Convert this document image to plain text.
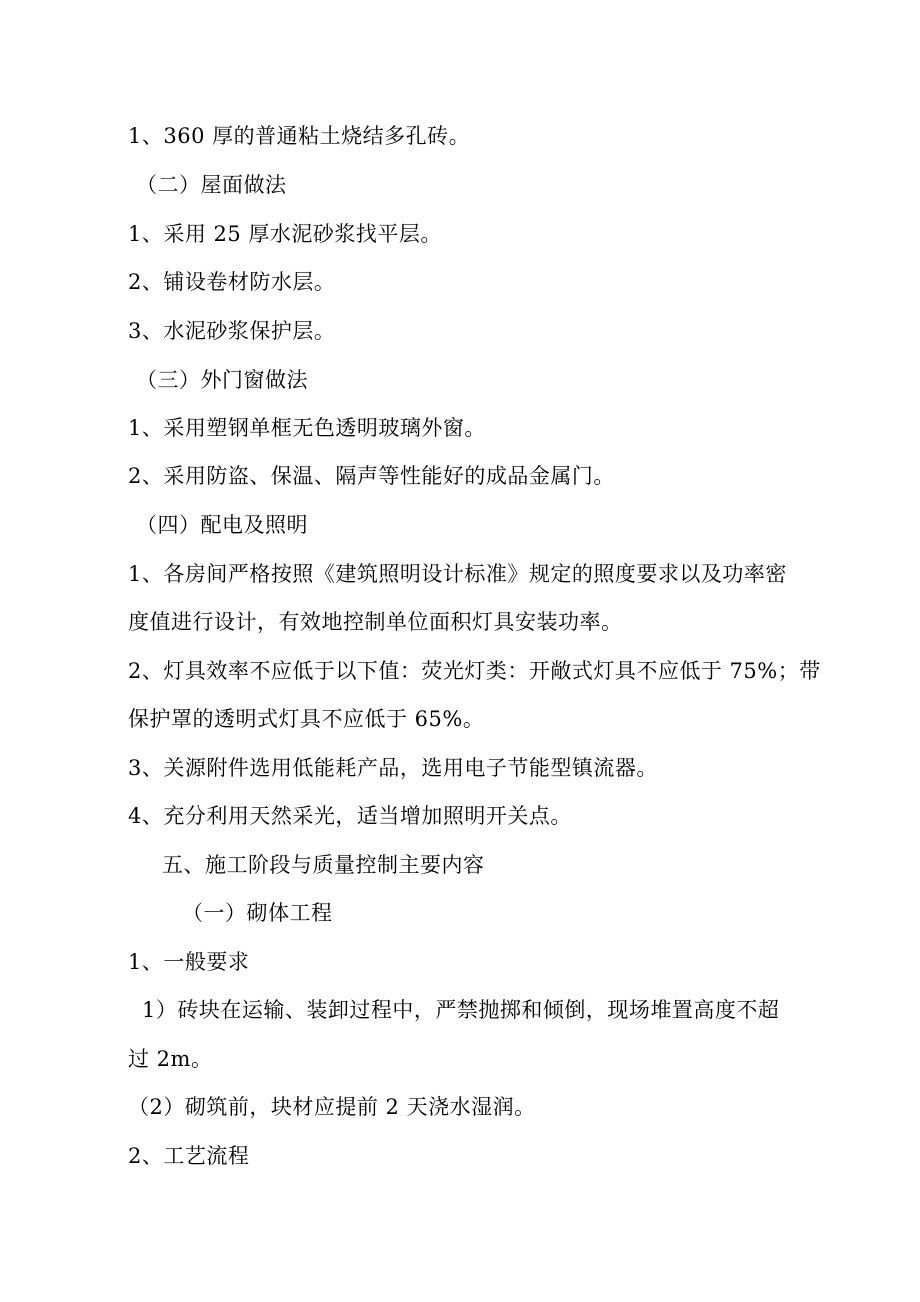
1、360 厚的普通粘土烧结多孔砖。
（二）屋面做法
1、采用 25 厚水泥砂浆找平层。
2、铺设卷材防水层。
3、水泥砂浆保护层。
（三）外门窗做法
1、采用塑钢单框无色透明玻璃外窗。
2、采用防盗、保温、隔声等性能好的成品金属门。
（四）配电及照明
1、各房间严格按照《建筑照明设计标准》规定的照度要求以及功率密
度值进行设计，有效地控制单位面积灯具安装功率。
2、灯具效率不应低于以下值：荧光灯类：开敞式灯具不应低于 75%；带
保护罩的透明式灯具不应低于 65%。
3、关源附件选用低能耗产品，选用电子节能型镇流器。
4、充分利用天然采光，适当增加照明开关点。
五、施工阶段与质量控制主要内容
（一）砌体工程
1、一般要求
1）砖块在运输、装卸过程中，严禁抛掷和倾倒，现场堆置高度不超
过 2m。
（2）砌筑前，块材应提前 2 天浇水湿润。
2、工艺流程
